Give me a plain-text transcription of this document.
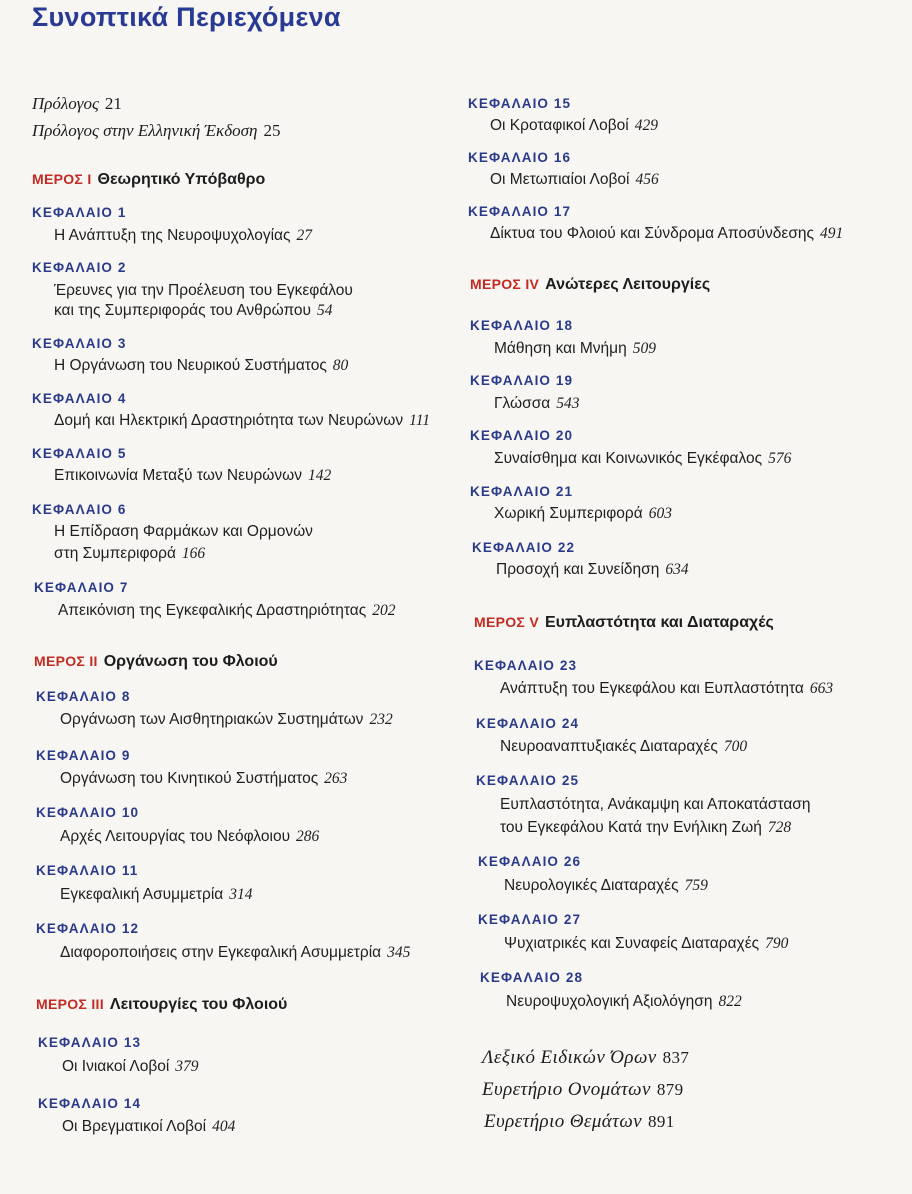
Συνοπτικά Περιεχόμενα
Πρόλογος 21
Πρόλογος στην Ελληνική Έκδοση 25
ΜΕΡΟΣ I Θεωρητικό Υπόβαθρο
ΚΕΦΑΛΑΙΟ 1
Η Ανάπτυξη της Νευροψυχολογίας 27
ΚΕΦΑΛΑΙΟ 2
Έρευνες για την Προέλευση του Εγκεφάλου
και της Συμπεριφοράς του Ανθρώπου 54
ΚΕΦΑΛΑΙΟ 3
Η Οργάνωση του Νευρικού Συστήματος 80
ΚΕΦΑΛΑΙΟ 4
Δομή και Ηλεκτρική Δραστηριότητα των Νευρώνων 111
ΚΕΦΑΛΑΙΟ 5
Επικοινωνία Μεταξύ των Νευρώνων 142
ΚΕΦΑΛΑΙΟ 6
Η Επίδραση Φαρμάκων και Ορμονών
στη Συμπεριφορά 166
ΚΕΦΑΛΑΙΟ 7
Απεικόνιση της Εγκεφαλικής Δραστηριότητας 202
ΜΕΡΟΣ II Οργάνωση του Φλοιού
ΚΕΦΑΛΑΙΟ 8
Οργάνωση των Αισθητηριακών Συστημάτων 232
ΚΕΦΑΛΑΙΟ 9
Οργάνωση του Κινητικού Συστήματος 263
ΚΕΦΑΛΑΙΟ 10
Αρχές Λειτουργίας του Νεόφλοιου 286
ΚΕΦΑΛΑΙΟ 11
Εγκεφαλική Ασυμμετρία 314
ΚΕΦΑΛΑΙΟ 12
Διαφοροποιήσεις στην Εγκεφαλική Ασυμμετρία 345
ΜΕΡΟΣ III Λειτουργίες του Φλοιού
ΚΕΦΑΛΑΙΟ 13
Οι Ινιακοί Λοβοί 379
ΚΕΦΑΛΑΙΟ 14
Οι Βρεγματικοί Λοβοί 404
ΚΕΦΑΛΑΙΟ 15
Οι Κροταφικοί Λοβοί 429
ΚΕΦΑΛΑΙΟ 16
Οι Μετωπιαίοι Λοβοί 456
ΚΕΦΑΛΑΙΟ 17
Δίκτυα του Φλοιού και Σύνδρομα Αποσύνδεσης 491
ΜΕΡΟΣ IV Ανώτερες Λειτουργίες
ΚΕΦΑΛΑΙΟ 18
Μάθηση και Μνήμη 509
ΚΕΦΑΛΑΙΟ 19
Γλώσσα 543
ΚΕΦΑΛΑΙΟ 20
Συναίσθημα και Κοινωνικός Εγκέφαλος 576
ΚΕΦΑΛΑΙΟ 21
Χωρική Συμπεριφορά 603
ΚΕΦΑΛΑΙΟ 22
Προσοχή και Συνείδηση 634
ΜΕΡΟΣ V Ευπλαστότητα και Διαταραχές
ΚΕΦΑΛΑΙΟ 23
Ανάπτυξη του Εγκεφάλου και Ευπλαστότητα 663
ΚΕΦΑΛΑΙΟ 24
Νευροαναπτυξιακές Διαταραχές 700
ΚΕΦΑΛΑΙΟ 25
Ευπλαστότητα, Ανάκαμψη και Αποκατάσταση
του Εγκεφάλου Κατά την Ενήλικη Ζωή 728
ΚΕΦΑΛΑΙΟ 26
Νευρολογικές Διαταραχές 759
ΚΕΦΑΛΑΙΟ 27
Ψυχιατρικές και Συναφείς Διαταραχές 790
ΚΕΦΑΛΑΙΟ 28
Νευροψυχολογική Αξιολόγηση 822
Λεξικό Ειδικών Όρων 837
Ευρετήριο Ονομάτων 879
Ευρετήριο Θεμάτων 891
